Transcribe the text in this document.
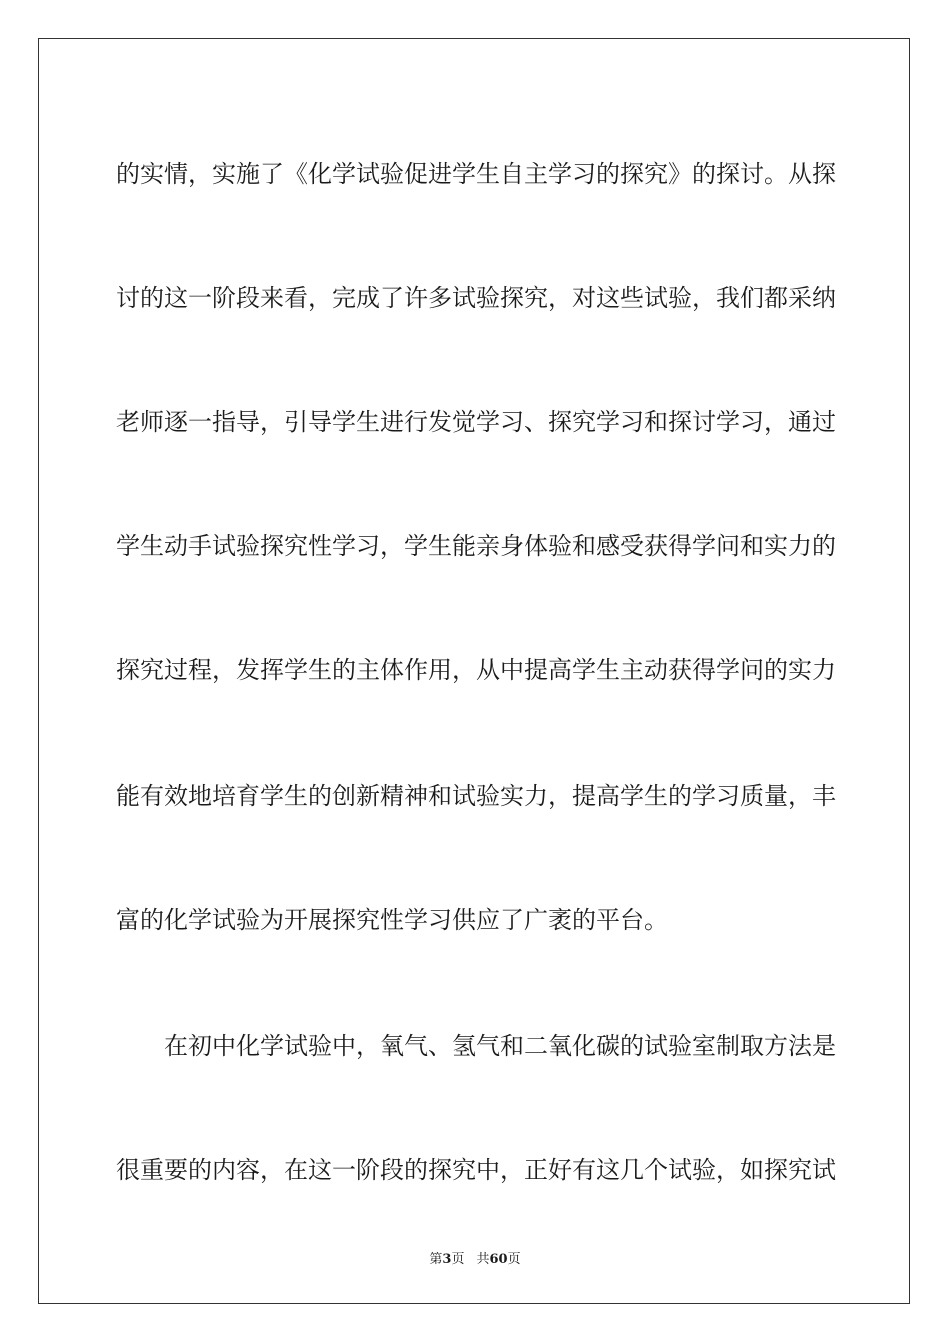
的实情，实施了《化学试验促进学生自主学习的探究》的探讨。从探

讨的这一阶段来看，完成了许多试验探究，对这些试验，我们都采纳

老师逐一指导，引导学生进行发觉学习、探究学习和探讨学习，通过

学生动手试验探究性学习，学生能亲身体验和感受获得学问和实力的

探究过程，发挥学生的主体作用，从中提高学生主动获得学问的实力

能有效地培育学生的创新精神和试验实力，提高学生的学习质量，丰

富的化学试验为开展探究性学习供应了广袤的平台。

在初中化学试验中，氧气、氢气和二氧化碳的试验室制取方法是

很重要的内容，在这一阶段的探究中，正好有这几个试验，如探究试

第3页 共60页
